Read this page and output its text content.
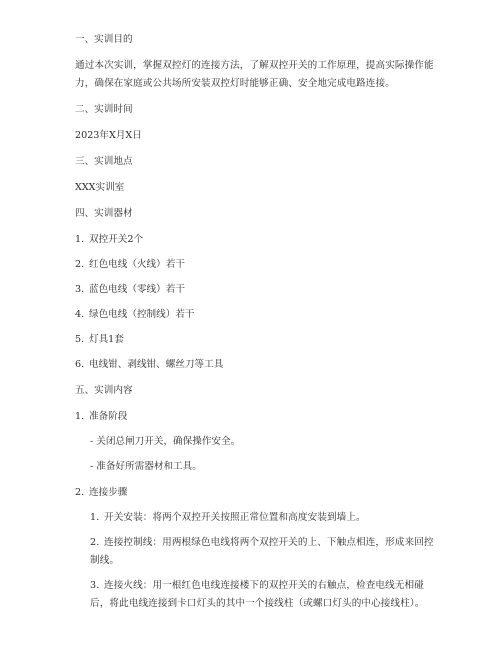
一、实训目的
通过本次实训，掌握双控灯的连接方法，了解双控开关的工作原理，提高实际操作能力，确保在家庭或公共场所安装双控灯时能够正确、安全地完成电路连接。
二、实训时间
2023年X月X日
三、实训地点
XXX实训室
四、实训器材
1. 双控开关2个
2. 红色电线（火线）若干
3. 蓝色电线（零线）若干
4. 绿色电线（控制线）若干
5. 灯具1套
6. 电线钳、剥线钳、螺丝刀等工具
五、实训内容
1. 准备阶段
- 关闭总闸刀开关，确保操作安全。
- 准备好所需器材和工具。
2. 连接步骤
1. 开关安装：将两个双控开关按照正常位置和高度安装到墙上。
2. 连接控制线：用两根绿色电线将两个双控开关的上、下触点相连，形成来回控制线。
3. 连接火线：用一根红色电线连接楼下的双控开关的右触点，检查电线无相碰后，将此电线连接到卡口灯头的其中一个接线柱（或螺口灯头的中心接线柱）。
